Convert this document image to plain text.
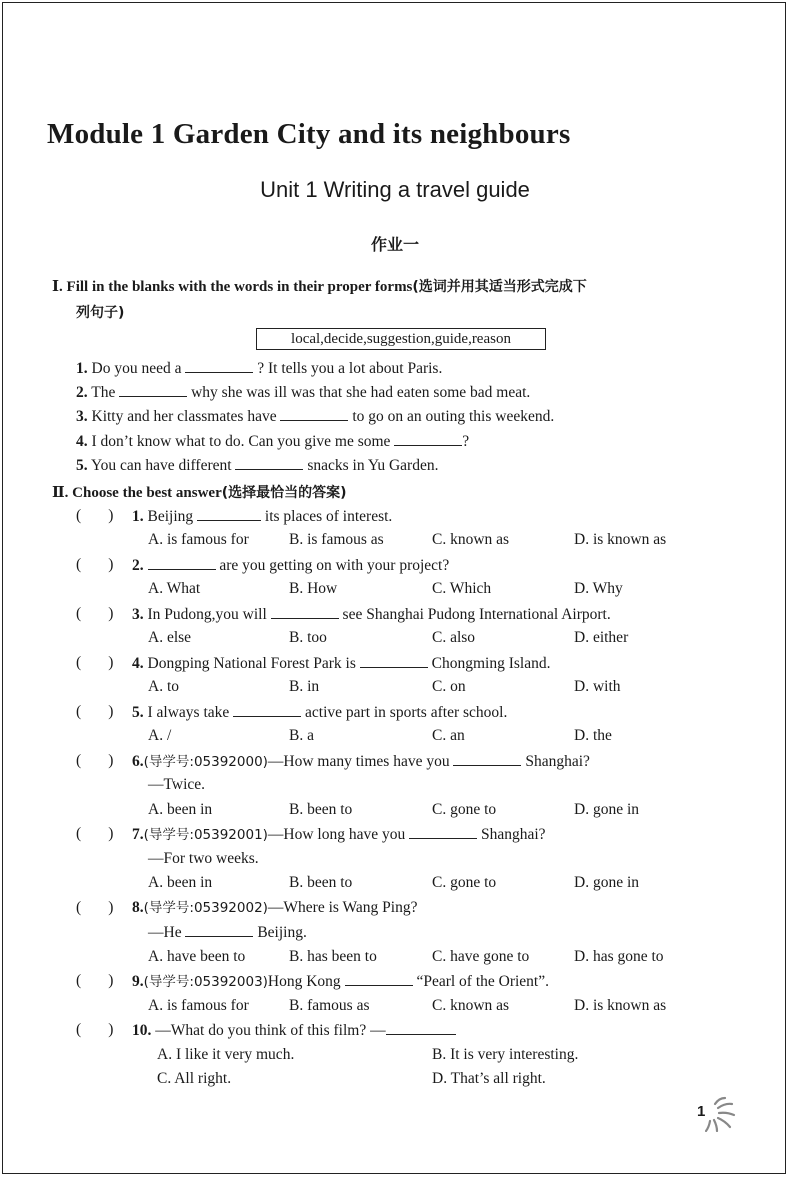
Module 1 Garden City and its neighbours
Unit 1 Writing a travel guide
作业一
Ⅰ. Fill in the blanks with the words in their proper forms(选词并用其适当形式完成下
列句子)
local,decide,suggestion,guide,reason
1. Do you need a	? It tells you a lot about Paris.
2. The	why she was ill was that she had eaten some bad meat.
3. Kitty and her classmates have	to go on an outing this weekend.
4. I don’t know what to do. Can you give me some	?
5. You can have different	snacks in Yu Garden.
Ⅱ. Choose the best answer(选择最恰当的答案)
( ) 1. Beijing	its places of interest.
A. is famous for	B. is famous as	C. known as	D. is known as
( ) 2.	are you getting on with your project?
A. What	B. How	C. Which	D. Why
( ) 3. In Pudong,you will	see Shanghai Pudong International Airport.
A. else	B. too	C. also	D. either
( ) 4. Dongping National Forest Park is	Chongming Island.
A. to	B. in	C. on	D. with
( ) 5. I always take	active part in sports after school.
A. /	B. a	C. an	D. the
( ) 6.(导学号:05392000)—How many times have you	Shanghai?
—Twice.
A. been in	B. been to	C. gone to	D. gone in
( ) 7.(导学号:05392001)—How long have you	Shanghai?
—For two weeks.
A. been in	B. been to	C. gone to	D. gone in
( ) 8.(导学号:05392002)—Where is Wang Ping?
—He	Beijing.
A. have been to	B. has been to	C. have gone to	D. has gone to
( ) 9.(导学号:05392003)Hong Kong	“Pearl of the Orient”.
A. is famous for	B. famous as	C. known as	D. is known as
( ) 10. —What do you think of this film? —
A. I like it very much.	B. It is very interesting.
C. All right.	D. That’s all right.
1
